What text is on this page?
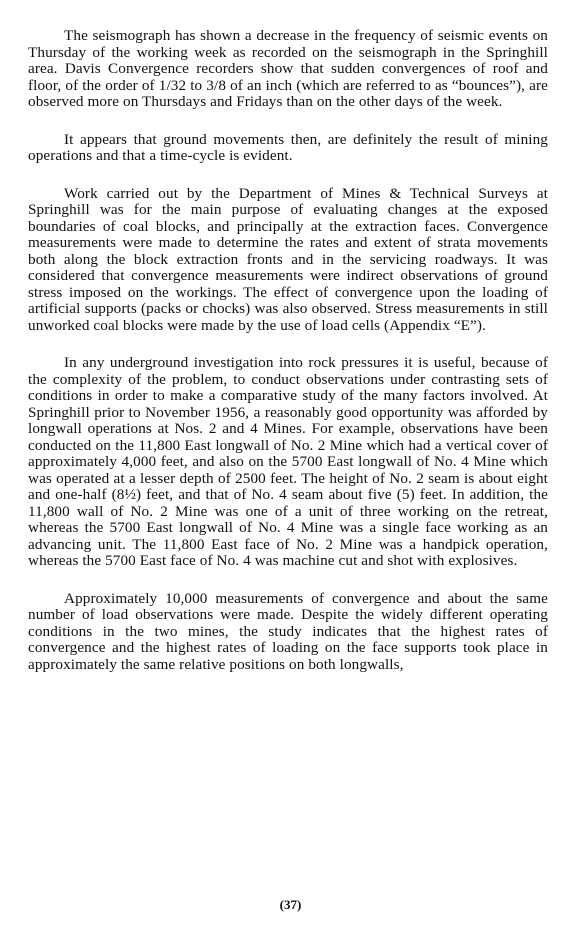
The seismograph has shown a decrease in the frequency of seismic events on Thursday of the working week as recorded on the seismograph in the Springhill area. Davis Convergence recorders show that sudden convergences of roof and floor, of the order of 1/32 to 3/8 of an inch (which are referred to as “bounces”), are observed more on Thursdays and Fridays than on the other days of the week.

It appears that ground movements then, are definitely the result of mining operations and that a time-cycle is evident.

Work carried out by the Department of Mines & Technical Surveys at Springhill was for the main purpose of evaluating changes at the exposed boundaries of coal blocks, and principally at the extraction faces. Convergence measurements were made to determine the rates and extent of strata movements both along the block extraction fronts and in the servicing roadways. It was considered that convergence measurements were indirect observations of ground stress imposed on the workings. The effect of convergence upon the loading of artificial supports (packs or chocks) was also observed. Stress measurements in still unworked coal blocks were made by the use of load cells (Appendix “E”).

In any underground investigation into rock pressures it is useful, because of the complexity of the problem, to conduct observations under contrasting sets of conditions in order to make a comparative study of the many factors involved. At Springhill prior to November 1956, a reasonably good opportunity was afforded by longwall operations at Nos. 2 and 4 Mines. For example, observations have been conducted on the 11,800 East longwall of No. 2 Mine which had a vertical cover of approximately 4,000 feet, and also on the 5700 East longwall of No. 4 Mine which was operated at a lesser depth of 2500 feet. The height of No. 2 seam is about eight and one-half (8½) feet, and that of No. 4 seam about five (5) feet. In addition, the 11,800 wall of No. 2 Mine was one of a unit of three working on the retreat, whereas the 5700 East longwall of No. 4 Mine was a single face working as an advancing unit. The 11,800 East face of No. 2 Mine was a handpick operation, whereas the 5700 East face of No. 4 was machine cut and shot with explosives.

Approximately 10,000 measurements of convergence and about the same number of load observations were made. Despite the widely different operating conditions in the two mines, the study indicates that the highest rates of convergence and the highest rates of loading on the face supports took place in approximately the same relative positions on both longwalls,

(37)
